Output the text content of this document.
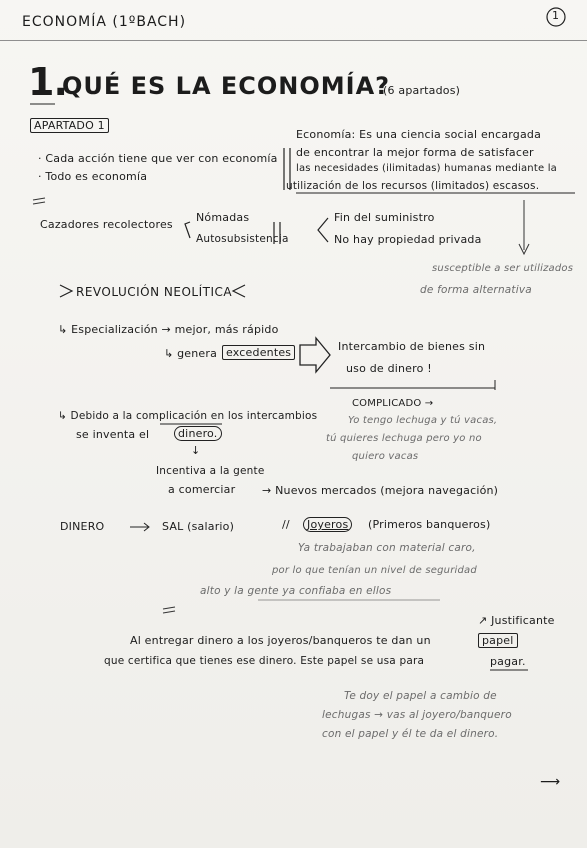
ECONOMÍA (1ºBACH)	1
1.
QUÉ ES LA ECONOMÍA?
(6 apartados)
APARTADO 1
· Cada acción tiene que ver con economía
· Todo es economía
Economía: Es una ciencia social encargada
de encontrar la mejor forma de satisfacer
las necesidades (ilimitadas) humanas mediante la
utilización de los recursos (limitados) escasos.
Cazadores recolectores
Nómadas
Autosubsistencia
Fin del suministro
No hay propiedad privada
susceptible a ser utilizados
de forma alternativa
REVOLUCIÓN NEOLÍTICA
↳ Especialización → mejor, más rápido
↳ genera excedentes	Intercambio de bienes sin
uso de dinero !
COMPLICADO →
Yo tengo lechuga y tú vacas,
tú quieres lechuga pero yo no
quiero vacas
↳ Debido a la complicación en los intercambios
se inventa el	dinero.
↓
Incentiva a la gente
a comerciar → Nuevos mercados (mejora navegación)
DINERO	SAL (salario)	//	Joyeros	(Primeros banqueros)
Ya trabajaban con material caro,
por lo que tenían un nivel de seguridad
alto y la gente ya confiaba en ellos
↗ Justificante
Al entregar dinero a los joyeros/banqueros te dan un	papel
que certifica que tienes ese dinero. Este papel se usa para	pagar.
Te doy el papel a cambio de
lechugas → vas al joyero/banquero
con el papel y él te da el dinero.
⟶
